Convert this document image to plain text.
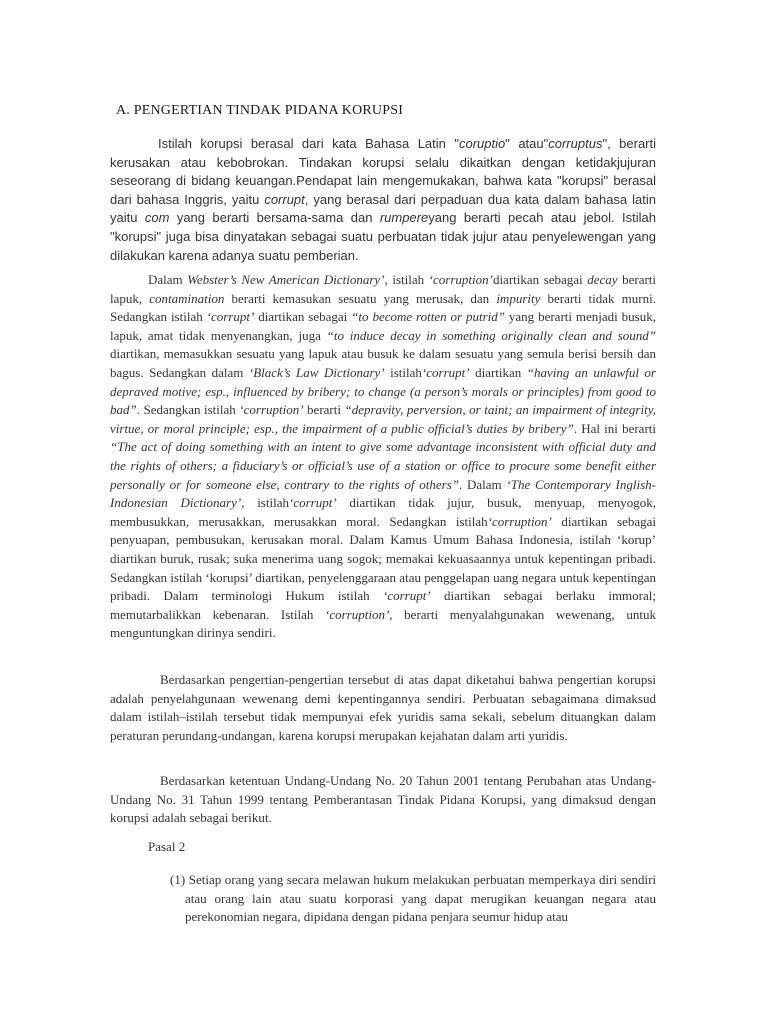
A. PENGERTIAN TINDAK PIDANA KORUPSI

Istilah korupsi berasal dari kata Bahasa Latin "coruptio" atau"corruptus", berarti kerusakan atau kebobrokan. Tindakan korupsi selalu dikaitkan dengan ketidakjujuran seseorang di bidang keuangan.Pendapat lain mengemukakan, bahwa kata "korupsi" berasal dari bahasa Inggris, yaitu corrupt, yang berasal dari perpaduan dua kata dalam bahasa latin yaitu com yang berarti bersama-sama dan rumpereyang berarti pecah atau jebol. Istilah "korupsi" juga bisa dinyatakan sebagai suatu perbuatan tidak jujur atau penyelewengan yang dilakukan karena adanya suatu pemberian.

Dalam Webster’s New American Dictionary’, istilah ‘corruption’diartikan sebagai decay berarti lapuk, contamination berarti kemasukan sesuatu yang merusak, dan impurity berarti tidak murni. Sedangkan istilah ‘corrupt’ diartikan sebagai “to become rotten or putrid” yang berarti menjadi busuk, lapuk, amat tidak menyenangkan, juga “to induce decay in something originally clean and sound” diartikan, memasukkan sesuatu yang lapuk atau busuk ke dalam sesuatu yang semula berisi bersih dan bagus. Sedangkan dalam ‘Black’s Law Dictionary’ istilah‘corrupt’ diartikan “having an unlawful or depraved motive; esp., influenced by bribery; to change (a person’s morals or principles) from good to bad”. Sedangkan istilah ‘corruption’ berarti “depravity, perversion, or taint; an impairment of integrity, virtue, or moral principle; esp., the impairment of a public official’s duties by bribery”. Hal ini berarti “The act of doing something with an intent to give some advantage inconsistent with official duty and the rights of others; a fiduciary’s or official’s use of a station or office to procure some benefit either personally or for someone else, contrary to the rights of others”. Dalam ‘The Contemporary Inglish-Indonesian Dictionary’, istilah‘corrupt’ diartikan tidak jujur, busuk, menyuap, menyogok, membusukkan, merusakkan, merusakkan moral. Sedangkan istilah‘corruption’ diartikan sebagai penyuapan, pembusukan, kerusakan moral. Dalam Kamus Umum Bahasa Indonesia, istilah ‘korup’ diartikan buruk, rusak; suka menerima uang sogok; memakai kekuasaannya untuk kepentingan pribadi. Sedangkan istilah ‘korupsi’ diartikan, penyelenggaraan atau penggelapan uang negara untuk kepentingan pribadi. Dalam terminologi Hukum istilah ‘corrupt’ diartikan sebagai berlaku immoral; memutarbalikkan kebenaran. Istilah ‘corruption’, berarti menyalahgunakan wewenang, untuk menguntungkan dirinya sendiri.

Berdasarkan pengertian-pengertian tersebut di atas dapat diketahui bahwa pengertian korupsi adalah penyelahgunaan wewenang demi kepentingannya sendiri. Perbuatan sebagaimana dimaksud dalam istilah–istilah tersebut tidak mempunyai efek yuridis sama sekali, sebelum dituangkan dalam peraturan perundang-undangan, karena korupsi merupakan kejahatan dalam arti yuridis.

Berdasarkan ketentuan Undang-Undang No. 20 Tahun 2001 tentang Perubahan atas Undang-Undang No. 31 Tahun 1999 tentang Pemberantasan Tindak Pidana Korupsi, yang dimaksud dengan korupsi adalah sebagai berikut.

Pasal 2
(1) Setiap orang yang secara melawan hukum melakukan perbuatan memperkaya diri sendiri atau orang lain atau suatu korporasi yang dapat merugikan keuangan negara atau perekonomian negara, dipidana dengan pidana penjara seumur hidup atau
